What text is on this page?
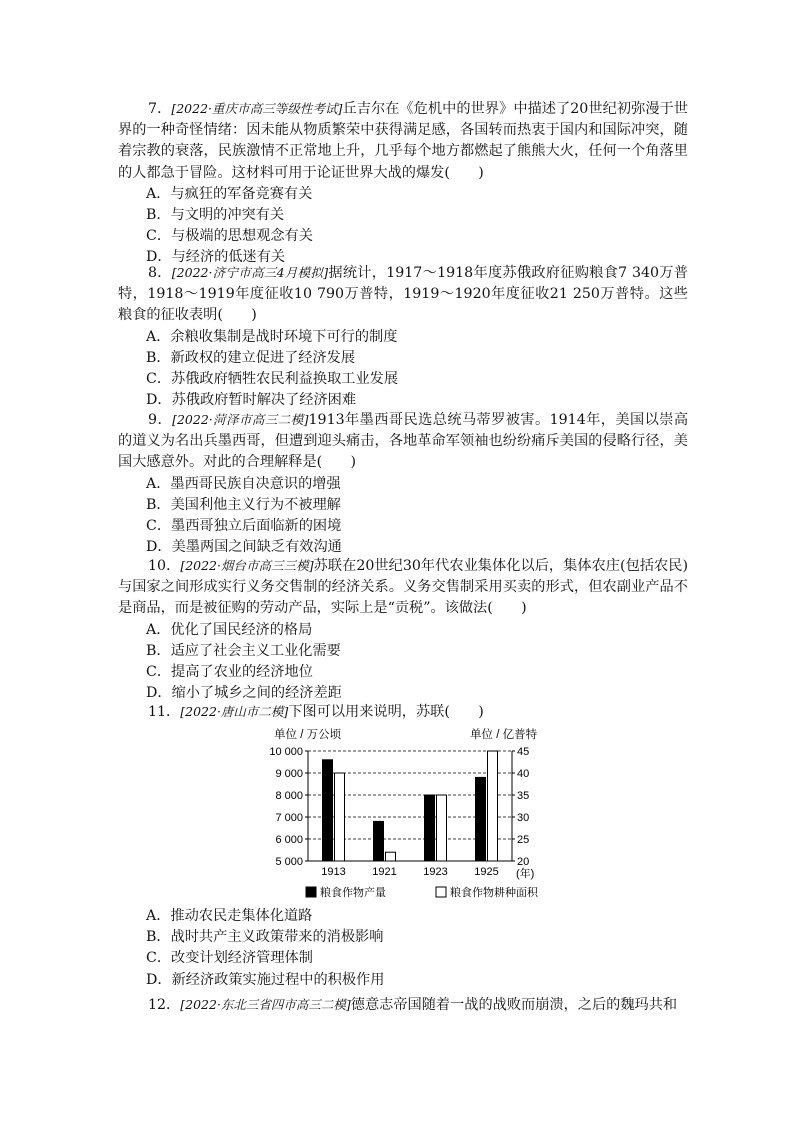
7．[2022·重庆市高三等级性考试]丘吉尔在《危机中的世界》中描述了20世纪初弥漫于世界的一种奇怪情绪：因未能从物质繁荣中获得满足感，各国转而热衷于国内和国际冲突，随着宗教的衰落，民族激情不正常地上升，几乎每个地方都燃起了熊熊大火，任何一个角落里的人都急于冒险。这材料可用于论证世界大战的爆发(　　)

A．与疯狂的军备竞赛有关

B．与文明的冲突有关

C．与极端的思想观念有关

D．与经济的低迷有关

8．[2022·济宁市高三4月模拟]据统计，1917～1918年度苏俄政府征购粮食7 340万普特，1918～1919年度征收10 790万普特，1919～1920年度征收21 250万普特。这些粮食的征收表明(　　)

A．余粮收集制是战时环境下可行的制度

B．新政权的建立促进了经济发展

C．苏俄政府牺牲农民利益换取工业发展

D．苏俄政府暂时解决了经济困难

9．[2022·菏泽市高三二模]1913年墨西哥民选总统马蒂罗被害。1914年，美国以崇高的道义为名出兵墨西哥，但遭到迎头痛击，各地革命军领袖也纷纷痛斥美国的侵略行径，美国大感意外。对此的合理解释是(　　)

A．墨西哥民族自决意识的增强

B．美国利他主义行为不被理解

C．墨西哥独立后面临新的困境

D．美墨两国之间缺乏有效沟通

10．[2022·烟台市高三三模]苏联在20世纪30年代农业集体化以后，集体农庄(包括农民)与国家之间形成实行义务交售制的经济关系。义务交售制采用买卖的形式，但农副业产品不是商品，而是被征购的劳动产品，实际上是“贡税”。该做法(　　)

A．优化了国民经济的格局

B．适应了社会主义工业化需要

C．提高了农业的经济地位

D．缩小了城乡之间的经济差距

11．[2022·唐山市二模]下图可以用来说明，苏联(　　)

单位 / 万公顷	单位 / 亿普特
5 000
6 000
7 000
8 000
9 000
10 000
20
25
30
35
40
45
1913 1921 1923 1925 (年)
粮食作物产量	粮食作物耕种面积

A．推动农民走集体化道路

B．战时共产主义政策带来的消极影响

C．改变计划经济管理体制

D．新经济政策实施过程中的积极作用

12．[2022·东北三省四市高三二模]德意志帝国随着一战的战败而崩溃，之后的魏玛共和
